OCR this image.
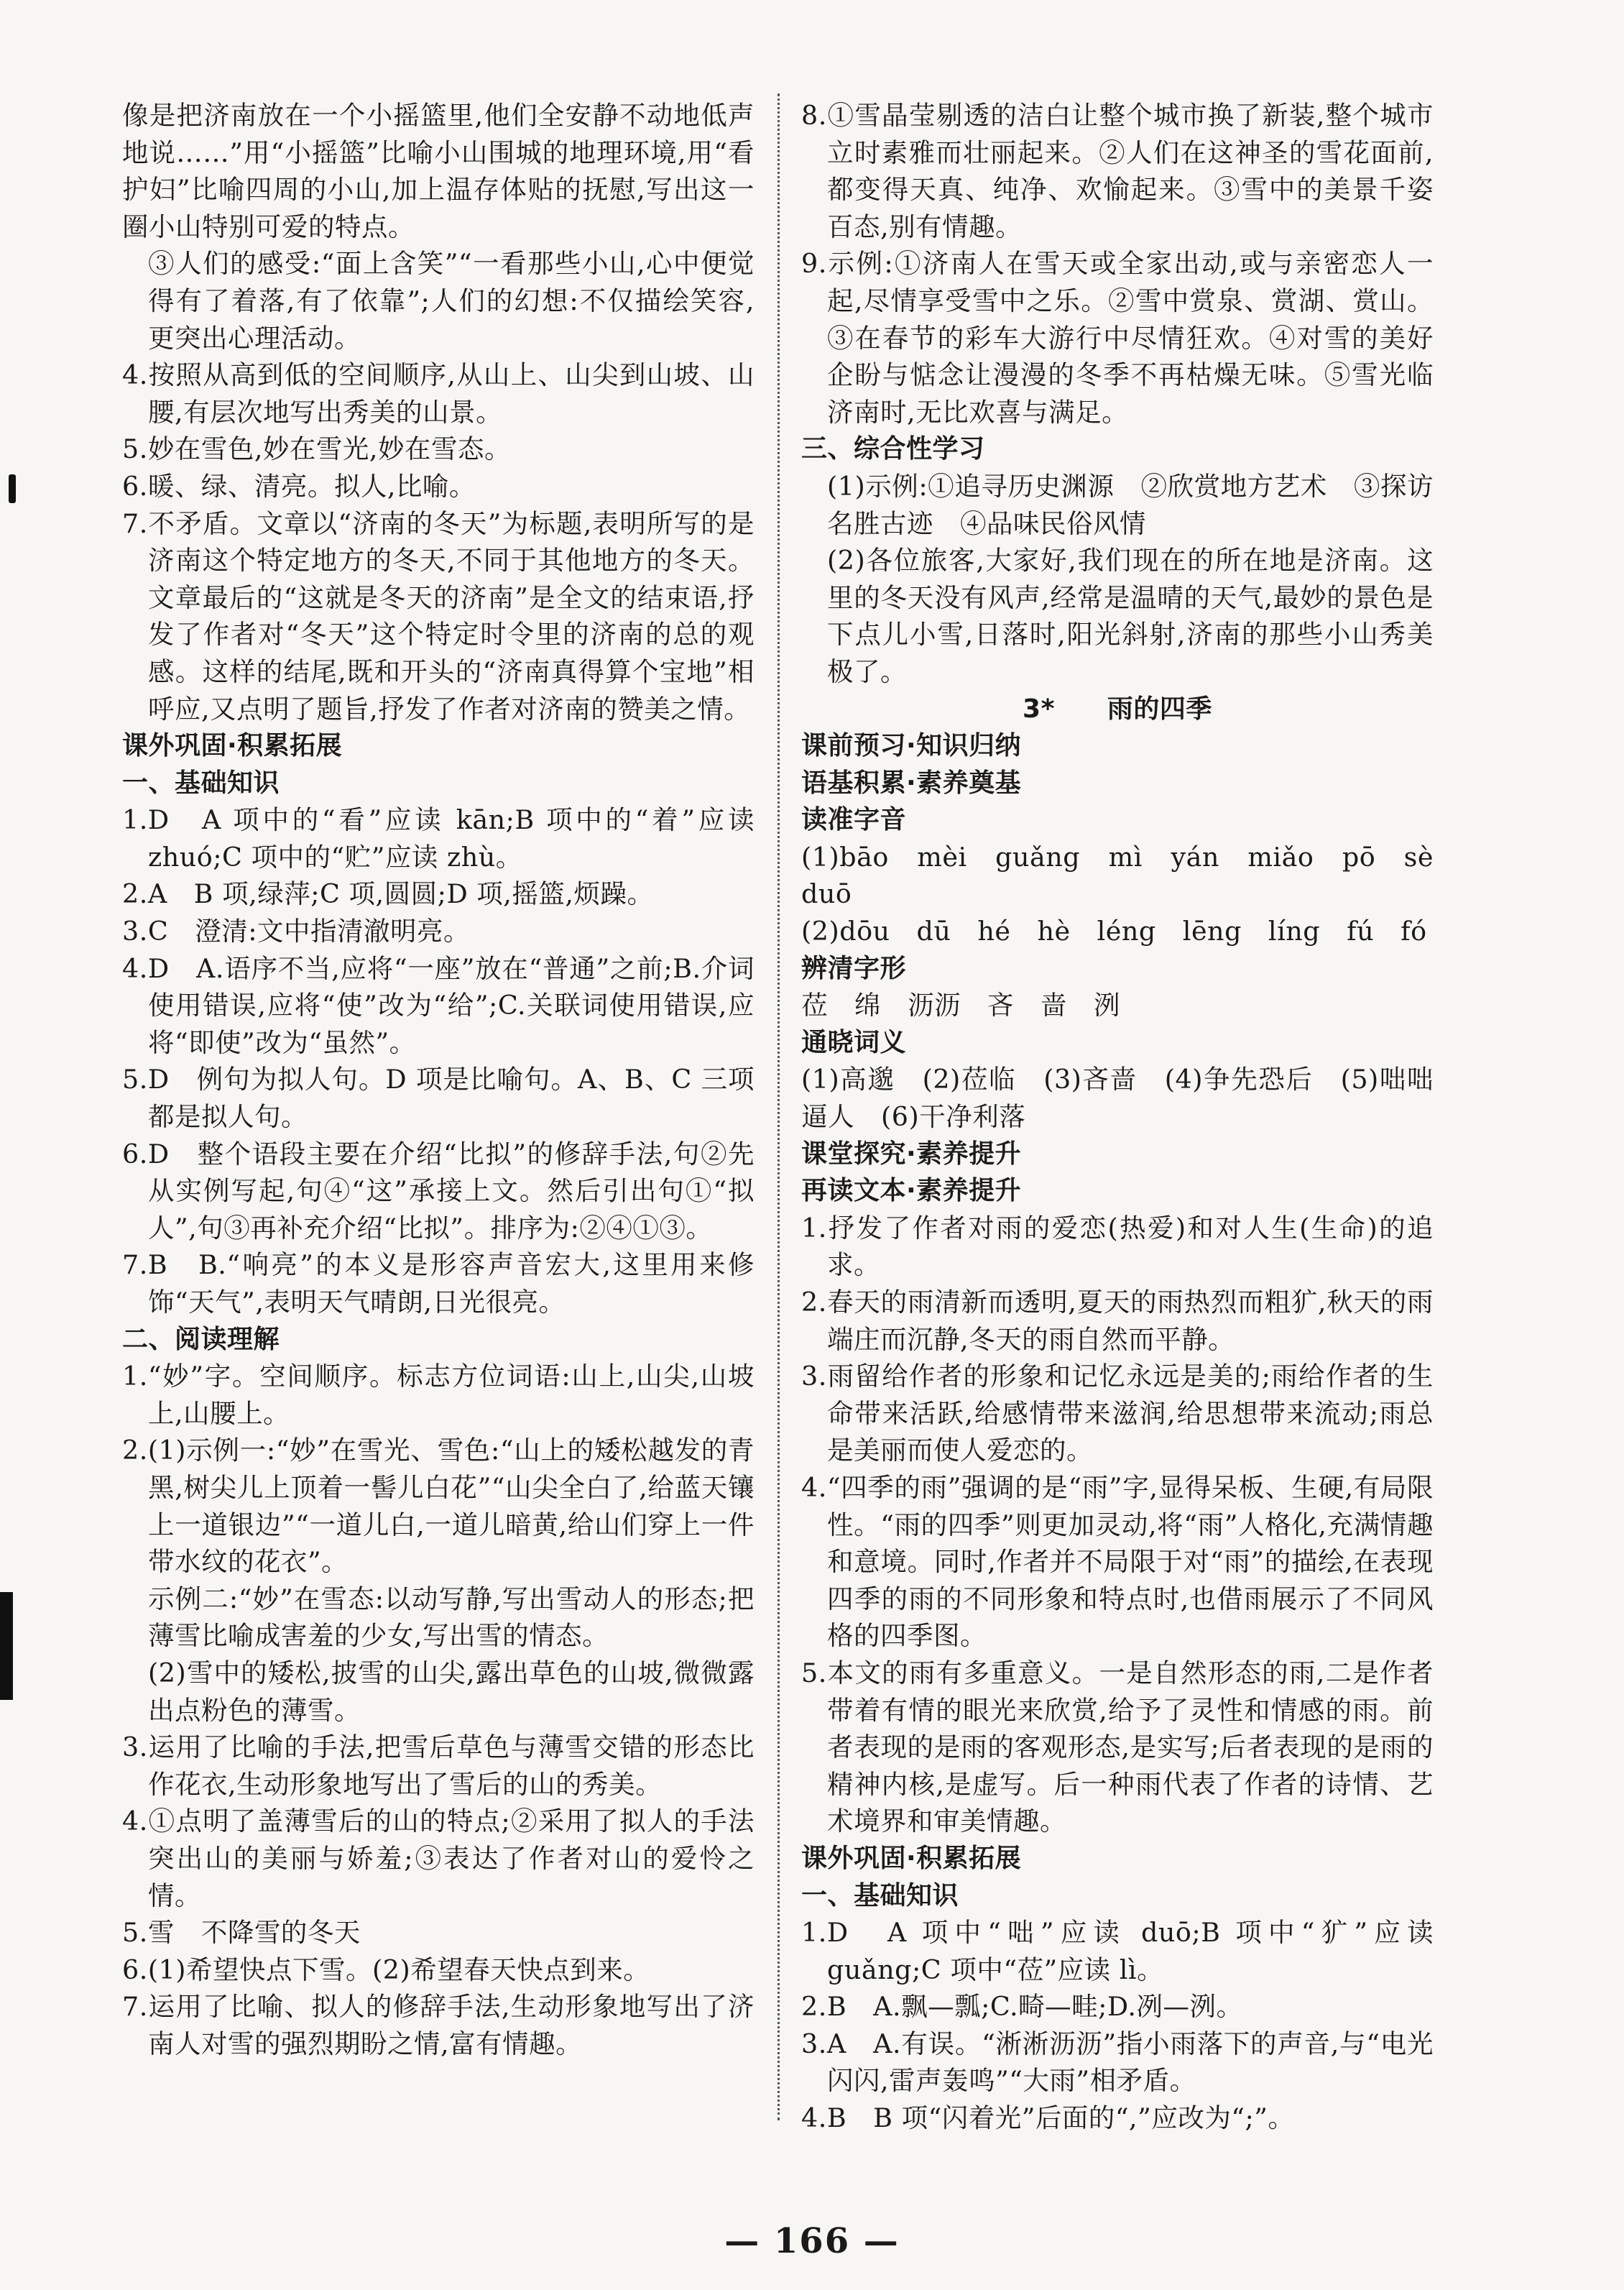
像是把济南放在一个小摇篮里,他们全安静不动地低声地说……”用“小摇篮”比喻小山围城的地理环境,用“看护妇”比喻四周的小山,加上温存体贴的抚慰,写出这一圈小山特别可爱的特点。
③人们的感受:“面上含笑”“一看那些小山,心中便觉得有了着落,有了依靠”;人们的幻想:不仅描绘笑容,更突出心理活动。
4.按照从高到低的空间顺序,从山上、山尖到山坡、山腰,有层次地写出秀美的山景。
5.妙在雪色,妙在雪光,妙在雪态。
6.暖、绿、清亮。拟人,比喻。
7.不矛盾。文章以“济南的冬天”为标题,表明所写的是济南这个特定地方的冬天,不同于其他地方的冬天。文章最后的“这就是冬天的济南”是全文的结束语,抒发了作者对“冬天”这个特定时令里的济南的总的观感。这样的结尾,既和开头的“济南真得算个宝地”相呼应,又点明了题旨,抒发了作者对济南的赞美之情。
课外巩固·积累拓展
一、基础知识
1.D　A 项中的“看”应读 kān;B 项中的“着”应读 zhuó;C 项中的“贮”应读 zhù。
2.A　B 项,绿萍;C 项,圆圆;D 项,摇篮,烦躁。
3.C　澄清:文中指清澈明亮。
4.D　A.语序不当,应将“一座”放在“普通”之前;B.介词使用错误,应将“使”改为“给”;C.关联词使用错误,应将“即使”改为“虽然”。
5.D　例句为拟人句。D 项是比喻句。A、B、C 三项都是拟人句。
6.D　整个语段主要在介绍“比拟”的修辞手法,句②先从实例写起,句④“这”承接上文。然后引出句①“拟人”,句③再补充介绍“比拟”。排序为:②④①③。
7.B　B.“响亮”的本义是形容声音宏大,这里用来修饰“天气”,表明天气晴朗,日光很亮。
二、阅读理解
1.“妙”字。空间顺序。标志方位词语:山上,山尖,山坡上,山腰上。
2.(1)示例一:“妙”在雪光、雪色:“山上的矮松越发的青黑,树尖儿上顶着一髻儿白花”“山尖全白了,给蓝天镶上一道银边”“一道儿白,一道儿暗黄,给山们穿上一件带水纹的花衣”。
示例二:“妙”在雪态:以动写静,写出雪动人的形态;把薄雪比喻成害羞的少女,写出雪的情态。
(2)雪中的矮松,披雪的山尖,露出草色的山坡,微微露出点粉色的薄雪。
3.运用了比喻的手法,把雪后草色与薄雪交错的形态比作花衣,生动形象地写出了雪后的山的秀美。
4.①点明了盖薄雪后的山的特点;②采用了拟人的手法突出山的美丽与娇羞;③表达了作者对山的爱怜之情。
5.雪　不降雪的冬天
6.(1)希望快点下雪。(2)希望春天快点到来。
7.运用了比喻、拟人的修辞手法,生动形象地写出了济南人对雪的强烈期盼之情,富有情趣。
8.①雪晶莹剔透的洁白让整个城市换了新装,整个城市立时素雅而壮丽起来。②人们在这神圣的雪花面前,都变得天真、纯净、欢愉起来。③雪中的美景千姿百态,别有情趣。
9.示例:①济南人在雪天或全家出动,或与亲密恋人一起,尽情享受雪中之乐。②雪中赏泉、赏湖、赏山。③在春节的彩车大游行中尽情狂欢。④对雪的美好企盼与惦念让漫漫的冬季不再枯燥无味。⑤雪光临济南时,无比欢喜与满足。
三、综合性学习
(1)示例:①追寻历史渊源　②欣赏地方艺术　③探访名胜古迹　④品味民俗风情
(2)各位旅客,大家好,我们现在的所在地是济南。这里的冬天没有风声,经常是温晴的天气,最妙的景色是下点儿小雪,日落时,阳光斜射,济南的那些小山秀美极了。
3*　　雨的四季
课前预习·知识归纳
语基积累·素养奠基
读准字音
(1)bāo　mèi　guǎng　mì　yán　miǎo　pō　sè　duō
(2)dōu　dū　hé　hè　léng　lēng　líng　fú　fó
辨清字形
莅　绵　沥沥　吝　啬　洌
通晓词义
(1)高邈　(2)莅临　(3)吝啬　(4)争先恐后　(5)咄咄逼人　(6)干净利落
课堂探究·素养提升
再读文本·素养提升
1.抒发了作者对雨的爱恋(热爱)和对人生(生命)的追求。
2.春天的雨清新而透明,夏天的雨热烈而粗犷,秋天的雨端庄而沉静,冬天的雨自然而平静。
3.雨留给作者的形象和记忆永远是美的;雨给作者的生命带来活跃,给感情带来滋润,给思想带来流动;雨总是美丽而使人爱恋的。
4.“四季的雨”强调的是“雨”字,显得呆板、生硬,有局限性。“雨的四季”则更加灵动,将“雨”人格化,充满情趣和意境。同时,作者并不局限于对“雨”的描绘,在表现四季的雨的不同形象和特点时,也借雨展示了不同风格的四季图。
5.本文的雨有多重意义。一是自然形态的雨,二是作者带着有情的眼光来欣赏,给予了灵性和情感的雨。前者表现的是雨的客观形态,是实写;后者表现的是雨的精神内核,是虚写。后一种雨代表了作者的诗情、艺术境界和审美情趣。
课外巩固·积累拓展
一、基础知识
1.D　A 项中“咄”应读 duō;B 项中“犷”应读 guǎng;C 项中“莅”应读 lì。
2.B　A.飘—瓢;C.畸—畦;D.冽—洌。
3.A　A.有误。“淅淅沥沥”指小雨落下的声音,与“电光闪闪,雷声轰鸣”“大雨”相矛盾。
4.B　B 项“闪着光”后面的“,”应改为“;”。
— 166 —
